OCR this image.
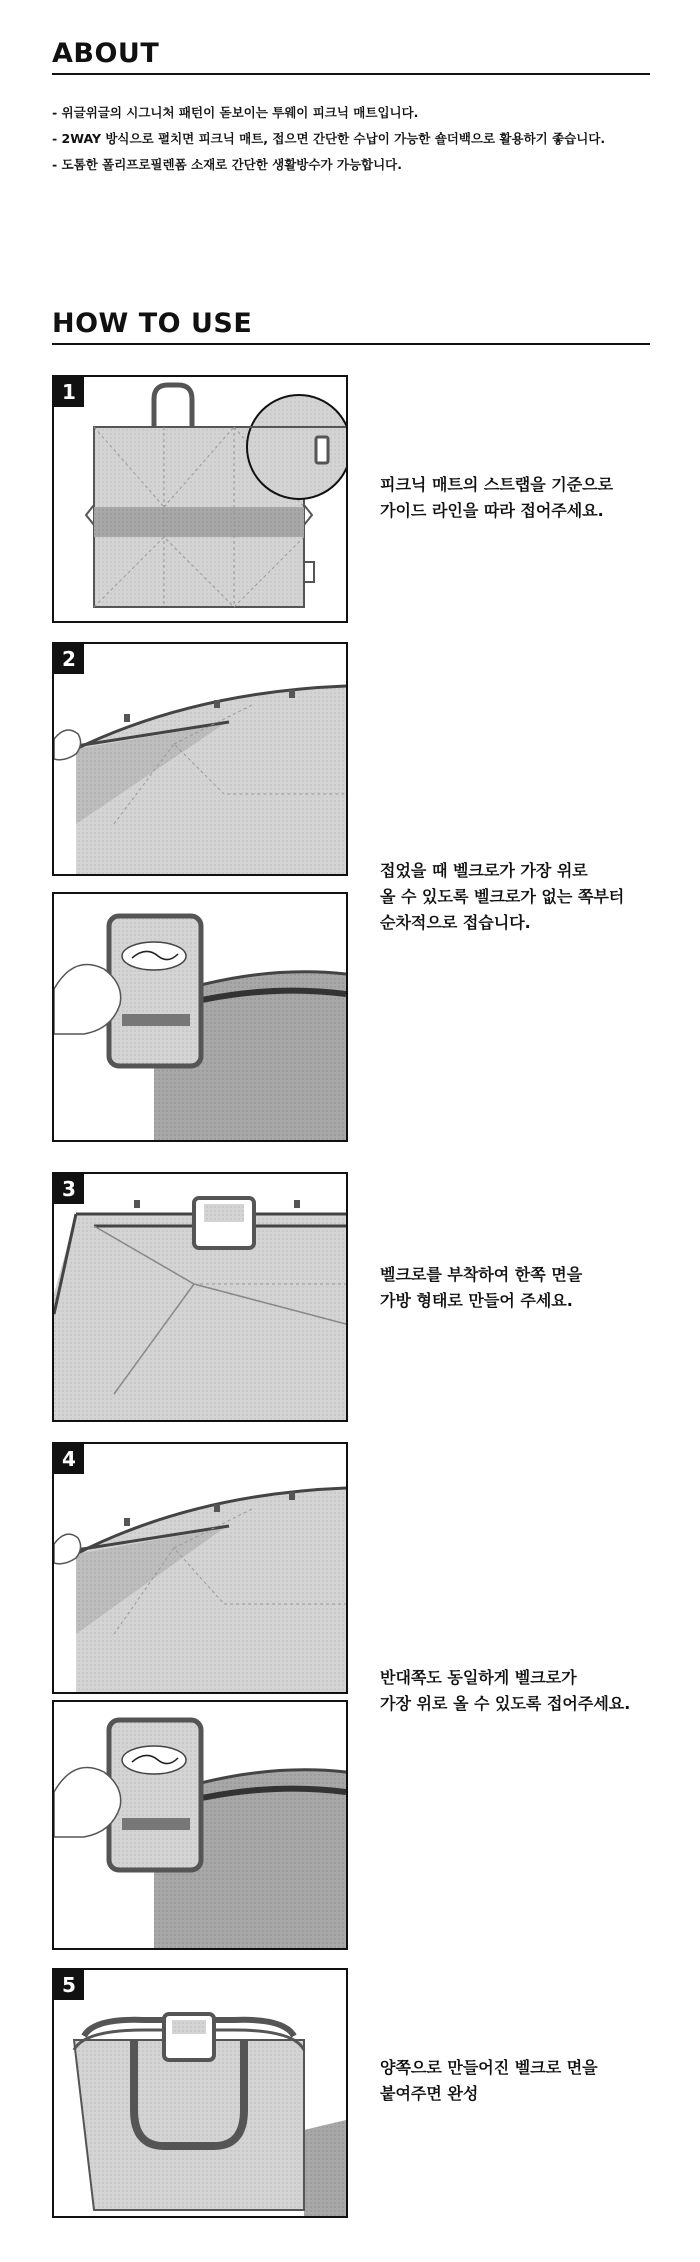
ABOUT
- 위글위글의 시그니처 패턴이 돋보이는 투웨이 피크닉 매트입니다.
- 2WAY 방식으로 펼치면 피크닉 매트, 접으면 간단한 수납이 가능한 숄더백으로 활용하기 좋습니다.
- 도톰한 폴리프로필렌폼 소재로 간단한 생활방수가 가능합니다.
HOW TO USE
1
피크닉 매트의 스트랩을 기준으로
가이드 라인을 따라 접어주세요.
2
접었을 때 벨크로가 가장 위로
올 수 있도록 벨크로가 없는 쪽부터
순차적으로 접습니다.
3
벨크로를 부착하여 한쪽 면을
가방 형태로 만들어 주세요.
4
반대쪽도 동일하게 벨크로가
가장 위로 올 수 있도록 접어주세요.
5
양쪽으로 만들어진 벨크로 면을
붙여주면 완성
